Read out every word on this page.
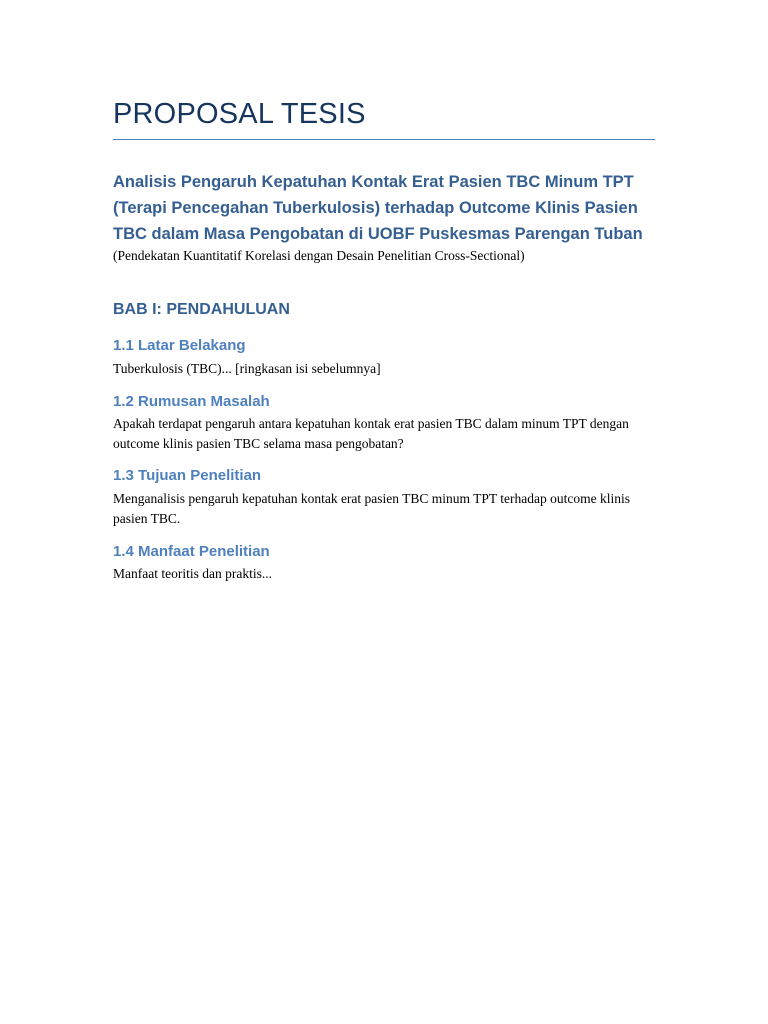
PROPOSAL TESIS
Analisis Pengaruh Kepatuhan Kontak Erat Pasien TBC Minum TPT (Terapi Pencegahan Tuberkulosis) terhadap Outcome Klinis Pasien TBC dalam Masa Pengobatan di UOBF Puskesmas Parengan Tuban

(Pendekatan Kuantitatif Korelasi dengan Desain Penelitian Cross-Sectional)

BAB I: PENDAHULUAN
1.1 Latar Belakang

Tuberkulosis (TBC)... [ringkasan isi sebelumnya]

1.2 Rumusan Masalah

Apakah terdapat pengaruh antara kepatuhan kontak erat pasien TBC dalam minum TPT dengan outcome klinis pasien TBC selama masa pengobatan?

1.3 Tujuan Penelitian

Menganalisis pengaruh kepatuhan kontak erat pasien TBC minum TPT terhadap outcome klinis pasien TBC.

1.4 Manfaat Penelitian

Manfaat teoritis dan praktis...
